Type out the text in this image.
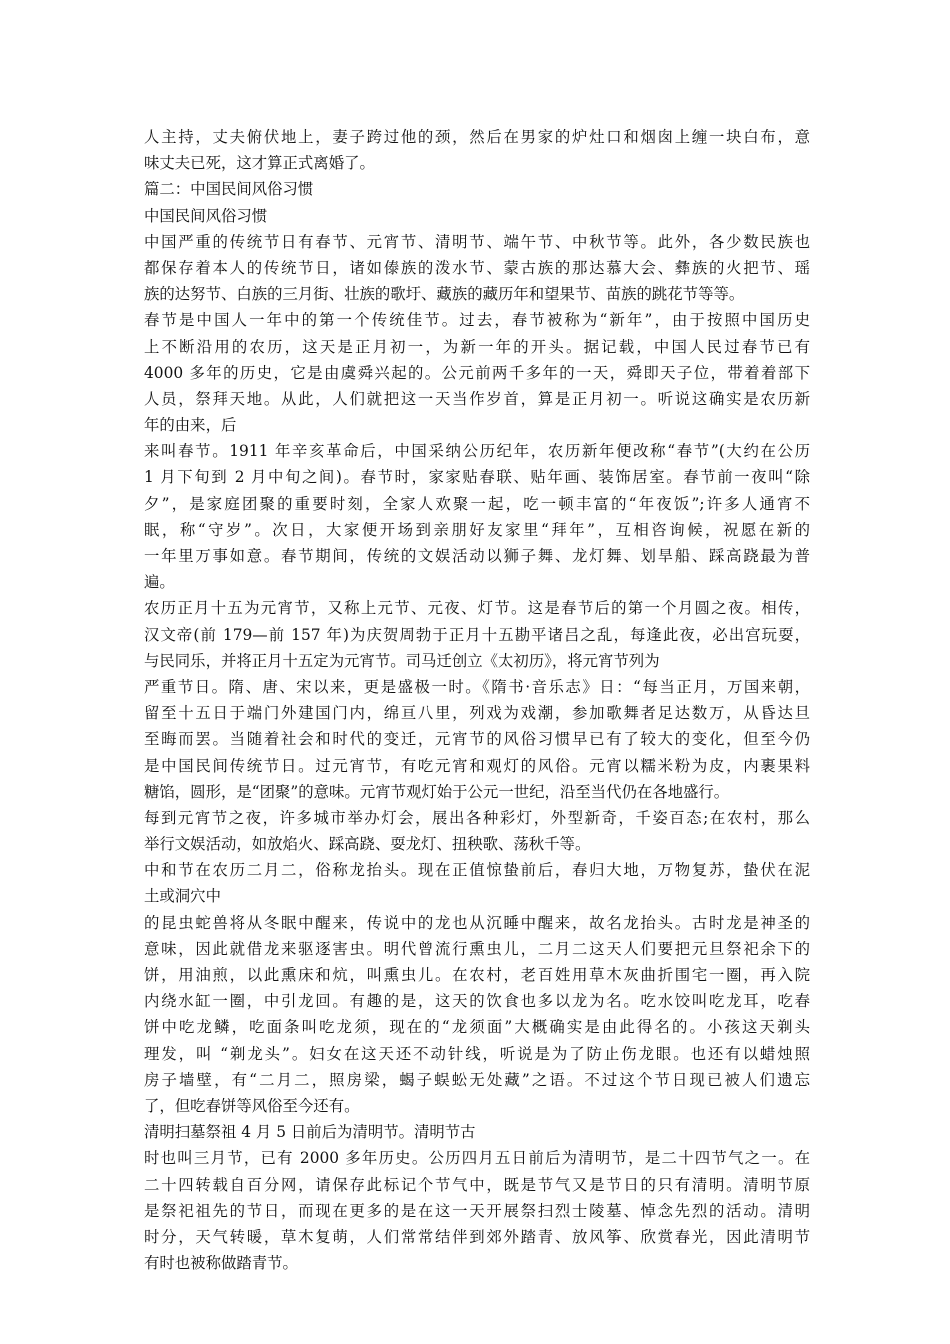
人主持，丈夫俯伏地上，妻子跨过他的颈，然后在男家的炉灶口和烟囱上缠一块白布，意
味丈夫已死，这才算正式离婚了。
篇二：中国民间风俗习惯
中国民间风俗习惯
中国严重的传统节日有春节、元宵节、清明节、端午节、中秋节等。此外，各少数民族也
都保存着本人的传统节日，诸如傣族的泼水节、蒙古族的那达慕大会、彝族的火把节、瑶
族的达努节、白族的三月街、壮族的歌圩、藏族的藏历年和望果节、苗族的跳花节等等。
春节是中国人一年中的第一个传统佳节。过去，春节被称为“新年”，由于按照中国历史
上不断沿用的农历，这天是正月初一，为新一年的开头。据记载，中国人民过春节已有
4000 多年的历史，它是由虞舜兴起的。公元前两千多年的一天，舜即天子位，带着着部下
人员，祭拜天地。从此，人们就把这一天当作岁首，算是正月初一。听说这确实是农历新
年的由来，后
来叫春节。1911 年辛亥革命后，中国采纳公历纪年，农历新年便改称“春节”(大约在公历
1 月下旬到 2 月中旬之间)。春节时，家家贴春联、贴年画、装饰居室。春节前一夜叫“除
夕”，是家庭团聚的重要时刻，全家人欢聚一起，吃一顿丰富的“年夜饭”;许多人通宵不
眠，称“守岁”。次日，大家便开场到亲朋好友家里“拜年”，互相咨询候，祝愿在新的
一年里万事如意。春节期间，传统的文娱活动以狮子舞、龙灯舞、划旱船、踩高跷最为普
遍。
农历正月十五为元宵节，又称上元节、元夜、灯节。这是春节后的第一个月圆之夜。相传，
汉文帝(前 179—前 157 年)为庆贺周勃于正月十五勘平诸吕之乱，每逢此夜，必出宫玩耍，
与民同乐，并将正月十五定为元宵节。司马迁创立《太初历》，将元宵节列为
严重节日。隋、唐、宋以来，更是盛极一时。《隋书·音乐志》日：“每当正月，万国来朝，
留至十五日于端门外建国门内，绵亘八里，列戏为戏潮，参加歌舞者足达数万，从昏达旦
至晦而罢。当随着社会和时代的变迁，元宵节的风俗习惯早已有了较大的变化，但至今仍
是中国民间传统节日。过元宵节，有吃元宵和观灯的风俗。元宵以糯米粉为皮，内裹果料
糖馅，圆形，是“团聚”的意味。元宵节观灯始于公元一世纪，沿至当代仍在各地盛行。
每到元宵节之夜，许多城市举办灯会，展出各种彩灯，外型新奇，千姿百态;在农村，那么
举行文娱活动，如放焰火、踩高跷、耍龙灯、扭秧歌、荡秋千等。
中和节在农历二月二，俗称龙抬头。现在正值惊蛰前后，春归大地，万物复苏，蛰伏在泥
土或洞穴中
的昆虫蛇兽将从冬眠中醒来，传说中的龙也从沉睡中醒来，故名龙抬头。古时龙是神圣的
意味，因此就借龙来驱逐害虫。明代曾流行熏虫儿，二月二这天人们要把元旦祭祀余下的
饼，用油煎，以此熏床和炕，叫熏虫儿。在农村，老百姓用草木灰曲折围宅一圈，再入院
内绕水缸一圈，中引龙回。有趣的是，这天的饮食也多以龙为名。吃水饺叫吃龙耳，吃春
饼中吃龙鳞，吃面条叫吃龙须，现在的“龙须面”大概确实是由此得名的。小孩这天剃头
理发，叫 “剃龙头”。妇女在这天还不动针线，听说是为了防止伤龙眼。也还有以蜡烛照
房子墙壁，有“二月二，照房梁，蝎子蜈蚣无处藏”之语。不过这个节日现已被人们遗忘
了，但吃春饼等风俗至今还有。
清明扫墓祭祖 4 月 5 日前后为清明节。清明节古
时也叫三月节，已有 2000 多年历史。公历四月五日前后为清明节，是二十四节气之一。在
二十四转载自百分网，请保存此标记个节气中，既是节气又是节日的只有清明。清明节原
是祭祀祖先的节日，而现在更多的是在这一天开展祭扫烈士陵墓、悼念先烈的活动。清明
时分，天气转暖，草木复萌，人们常常结伴到郊外踏青、放风筝、欣赏春光，因此清明节
有时也被称做踏青节。
